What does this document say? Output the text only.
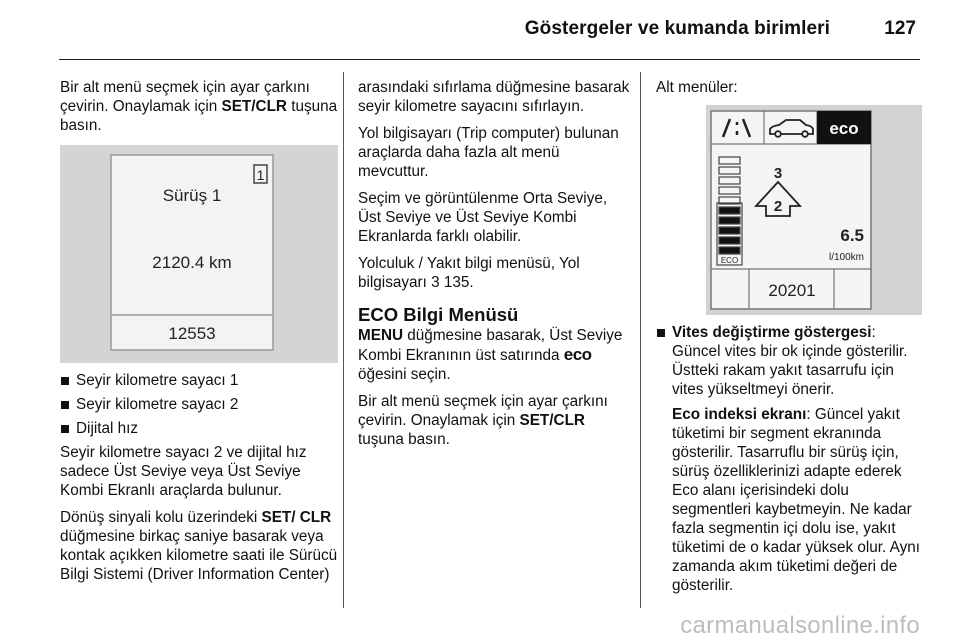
Göstergeler ve kumanda birimleri	127

Bir alt menü seçmek için ayar çarkını çevirin. Onaylamak için SET/CLR tuşuna basın.

1
Sürüş 1
2120.4 km
12553
Seyir kilometre sayacı 1
Seyir kilometre sayacı 2
Dijital hız

Seyir kilometre sayacı 2 ve dijital hız sadece Üst Seviye veya Üst Seviye Kombi Ekranlı araçlarda bulunur.

Dönüş sinyali kolu üzerindeki SET/ CLR düğmesine birkaç saniye basarak veya kontak açıkken kilometre saati ile Sürücü Bilgi Sistemi (Driver Information Center)

arasındaki sıfırlama düğmesine basarak seyir kilometre sayacını sıfırlayın.

Yol bilgisayarı (Trip computer) bulunan araçlarda daha fazla alt menü mevcuttur.

Seçim ve görüntülenme Orta Seviye, Üst Seviye ve Üst Seviye Kombi Ekranlarda farklı olabilir.

Yolculuk / Yakıt bilgi menüsü, Yol bilgisayarı 3 135.

ECO Bilgi Menüsü

MENU düğmesine basarak, Üst Seviye Kombi Ekranının üst satırında eco öğesini seçin.

Bir alt menü seçmek için ayar çarkını çevirin. Onaylamak için SET/CLR tuşuna basın.

Alt menüler:

eco
ECO
3
2
6.5
l/100km
20201
Vites değiştirme göstergesi: Güncel vites bir ok içinde gösterilir. Üstteki rakam yakıt tasarrufu için vites yükseltmeyi önerir.

Eco indeksi ekranı: Güncel yakıt tüketimi bir segment ekranında gösterilir. Tasarruflu bir sürüş için, sürüş özelliklerinizi adapte ederek Eco alanı içerisindeki dolu segmentleri kaybetmeyin. Ne kadar fazla segmentin içi dolu ise, yakıt tüketimi de o kadar yüksek olur. Aynı zamanda akım tüketimi değeri de gösterilir.

carmanualsonline.info
